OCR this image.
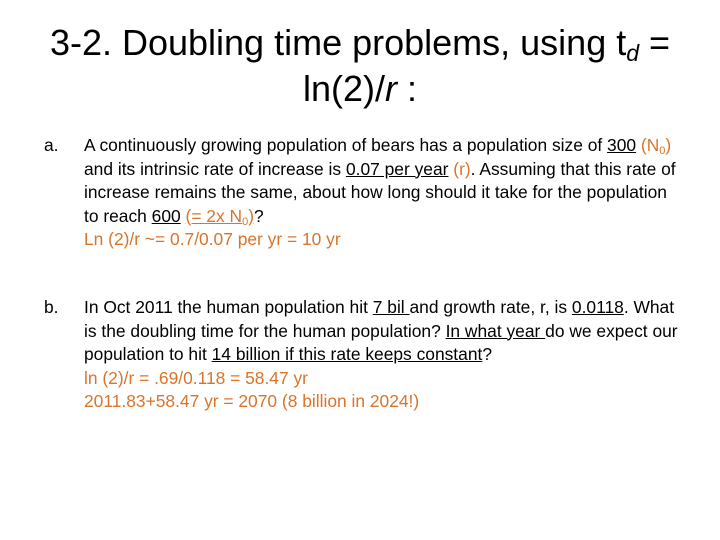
3-2. Doubling time problems, using $t_d$ =
ln(2)/r :
a. A continuously growing population of bears has a population size of 300 $(N_0)$ and its intrinsic rate of increase is 0.07 per year (r). Assuming that this rate of increase remains the same, about how long should it take for the population to reach 600 (= 2x $N_0$)?
Ln (2)/r ~= 0.7/0.07 per yr = 10 yr
b. In Oct 2011 the human population hit 7 bil and growth rate, r, is 0.0118. What is the doubling time for the human population? In what year do we expect our population to hit 14 billion if this rate keeps constant?
ln (2)/r = .69/0.118 = 58.47 yr
2011.83+58.47 yr = 2070 (8 billion in 2024!)
